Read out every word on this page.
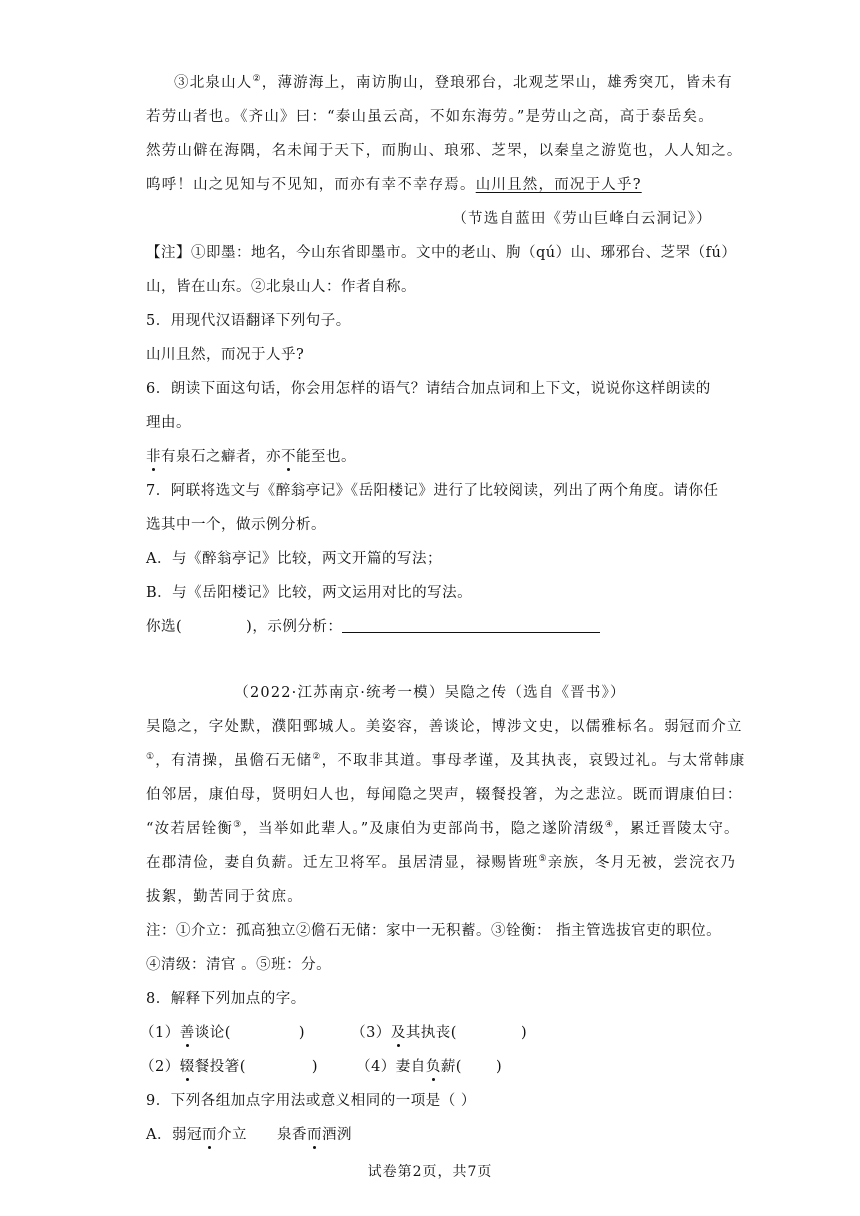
③北泉山人②，薄游海上，南访朐山，登琅邪台，北观芝罘山，雄秀突兀，皆未有
若劳山者也。《齐山》曰：“泰山虽云高，不如东海劳。”是劳山之高，高于泰岳矣。
然劳山僻在海隅，名未闻于天下，而朐山、琅邪、芝罘，以秦皇之游览也，人人知之。
呜呼！山之见知与不见知，而亦有幸不幸存焉。山川且然，而况于人乎?
（节选自蓝田《劳山巨峰白云洞记》）
【注】①即墨：地名，今山东省即墨市。文中的老山、朐（qú）山、琊邪台、芝罘（fú）
山，皆在山东。②北泉山人：作者自称。
5．用现代汉语翻译下列句子。
山川且然，而况于人乎?
6．朗读下面这句话，你会用怎样的语气？请结合加点词和上下文，说说你这样朗读的
理由。
非有泉石之癖者，亦不能至也。
7．阿联将选文与《醉翁亭记》《岳阳楼记》进行了比较阅读，列出了两个角度。请你任
选其中一个，做示例分析。
A．与《醉翁亭记》比较，两文开篇的写法；
B．与《岳阳楼记》比较，两文运用对比的写法。
你选(	)，示例分析：
（2022·江苏南京·统考一模）吴隐之传（选自《晋书》）
吴隐之，字处默，濮阳鄄城人。美姿容，善谈论，博涉文史，以儒雅标名。弱冠而介立
①，有清操，虽儋石无储②，不取非其道。事母孝谨，及其执丧，哀毁过礼。与太常韩康
伯邻居，康伯母，贤明妇人也，每闻隐之哭声，辍餐投箸，为之悲泣。既而谓康伯曰：
“汝若居铨衡③，当举如此辈人。”及康伯为吏部尚书，隐之遂阶清级④，累迁晋陵太守。
在郡清俭，妻自负薪。迁左卫将军。虽居清显，禄赐皆班⑤亲族，冬月无被，尝浣衣乃
拔絮，勤苦同于贫庶。
注：①介立：孤高独立②儋石无储：家中一无积蓄。③铨衡： 指主管选拔官吏的职位。
④清级：清官 。⑤班：分。
8．解释下列加点的字。
（1）善谈论(	)	（3）及其执丧(	)
（2）辍餐投箸(	)	（4）妻自负薪( )
9．下列各组加点字用法或意义相同的一项是（ ）
A．弱冠而介立 泉香而酒洌
试卷第2页，共7页
